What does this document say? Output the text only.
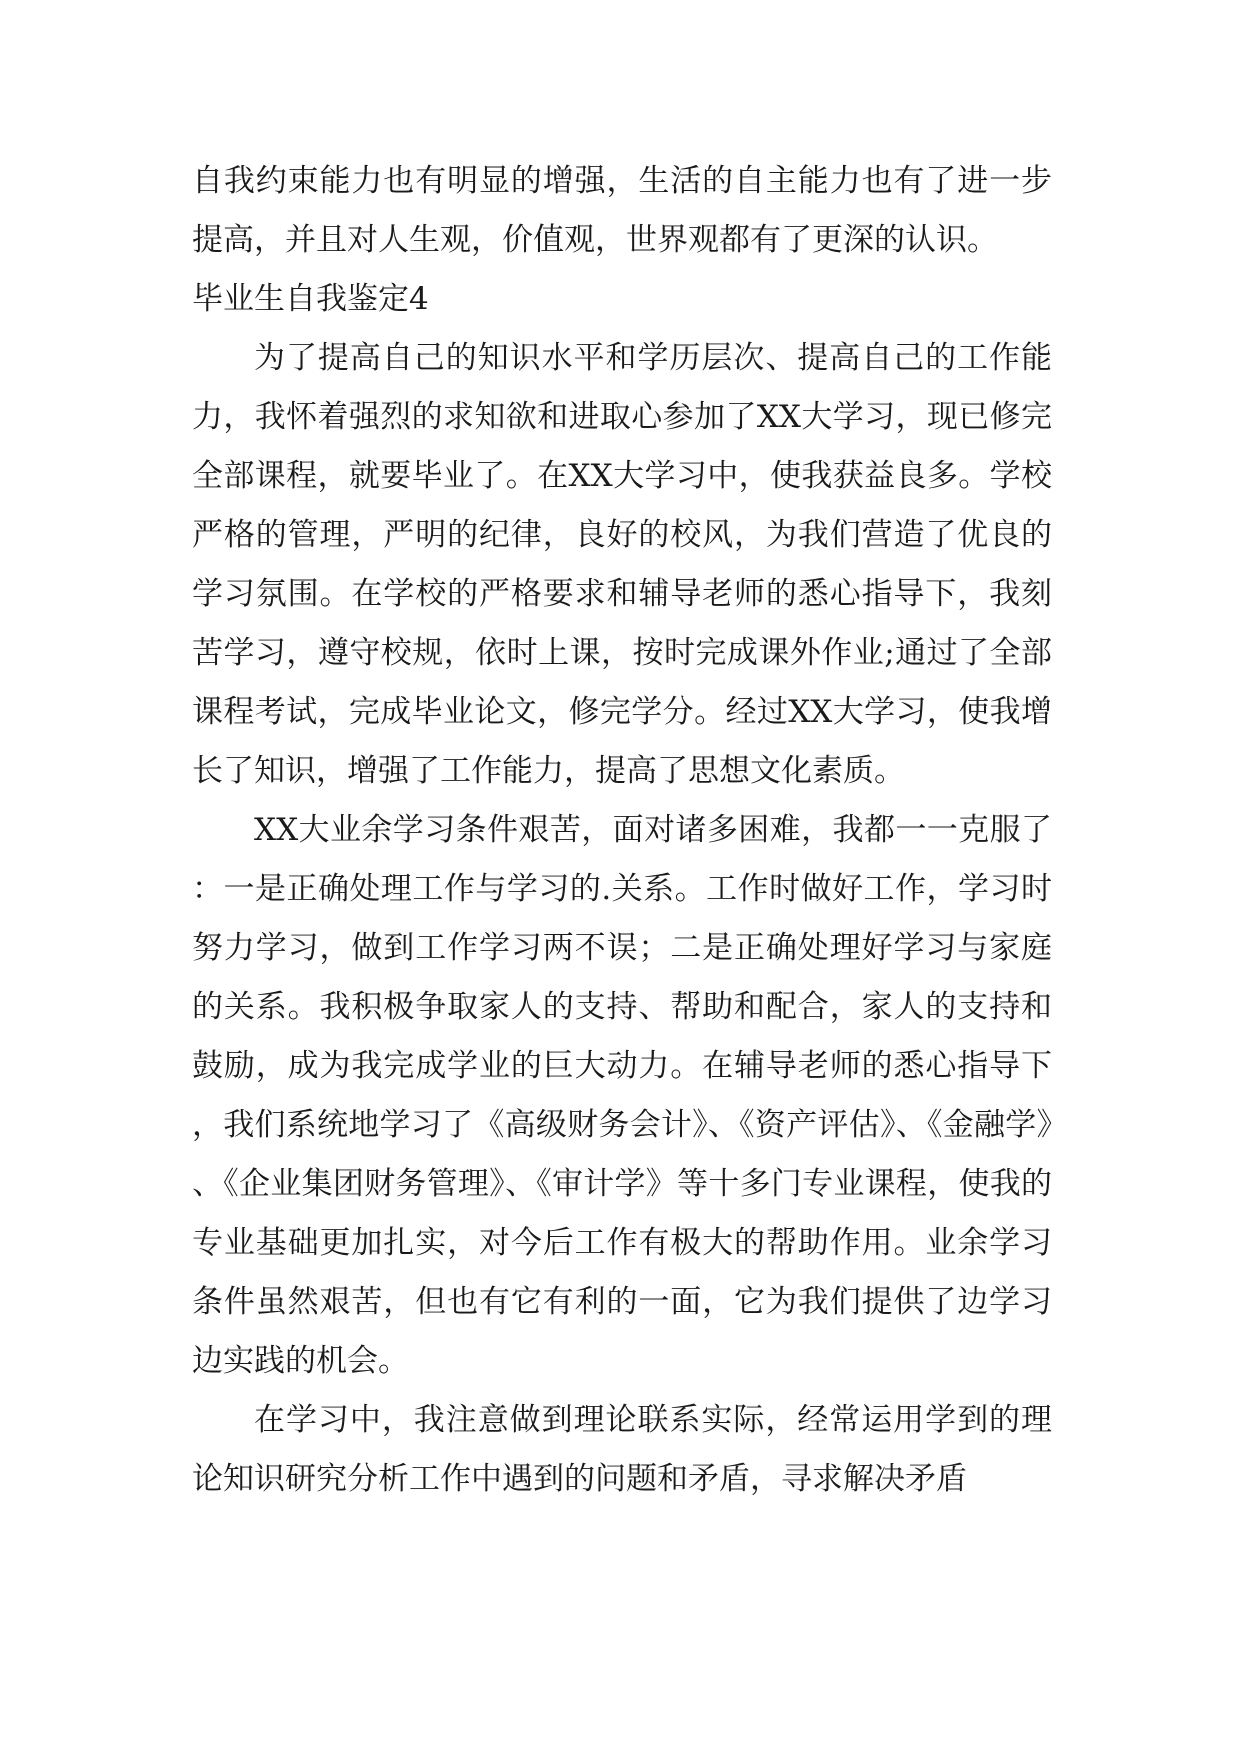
自我约束能力也有明显的增强，生活的自主能力也有了进一步提高，并且对人生观，价值观，世界观都有了更深的认识。

毕业生自我鉴定4

为了提高自己的知识水平和学历层次、提高自己的工作能力，我怀着强烈的求知欲和进取心参加了XX大学习，现已修完全部课程，就要毕业了。在XX大学习中，使我获益良多。学校严格的管理，严明的纪律，良好的校风，为我们营造了优良的学习氛围。在学校的严格要求和辅导老师的悉心指导下，我刻苦学习，遵守校规，依时上课，按时完成课外作业;通过了全部课程考试，完成毕业论文，修完学分。经过XX大学习，使我增长了知识，增强了工作能力，提高了思想文化素质。

XX大业余学习条件艰苦，面对诸多困难，我都一一克服了：一是正确处理工作与学习的.关系。工作时做好工作，学习时努力学习，做到工作学习两不误；二是正确处理好学习与家庭的关系。我积极争取家人的支持、帮助和配合，家人的支持和鼓励，成为我完成学业的巨大动力。在辅导老师的悉心指导下，我们系统地学习了《高级财务会计》、《资产评估》、《金融学》、《企业集团财务管理》、《审计学》等十多门专业课程，使我的专业基础更加扎实，对今后工作有极大的帮助作用。业余学习条件虽然艰苦，但也有它有利的一面，它为我们提供了边学习边实践的机会。

在学习中，我注意做到理论联系实际，经常运用学到的理论知识研究分析工作中遇到的问题和矛盾，寻求解决矛盾
